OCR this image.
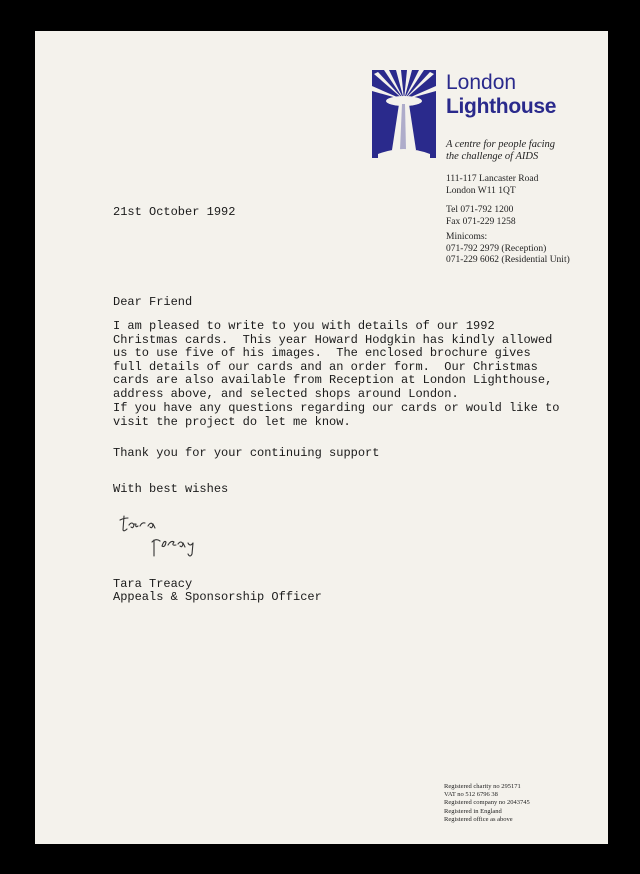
London
Lighthouse
A centre for people facing
the challenge of AIDS
111-117 Lancaster Road
London W11 1QT
Tel 071-792 1200
Fax 071-229 1258
Minicoms:
071-792 2979 (Reception)
071-229 6062 (Residential Unit)
21st October 1992
Dear Friend
I am pleased to write to you with details of our 1992
Christmas cards.  This year Howard Hodgkin has kindly allowed
us to use five of his images.  The enclosed brochure gives
full details of our cards and an order form.  Our Christmas
cards are also available from Reception at London Lighthouse,
address above, and selected shops around London.
If you have any questions regarding our cards or would like to
visit the project do let me know.
Thank you for your continuing support
With best wishes
Tara Treacy
Appeals & Sponsorship Officer
Registered charity no 295171
VAT no 512 6796 38
Registered company no 2043745
Registered in England
Registered office as above
